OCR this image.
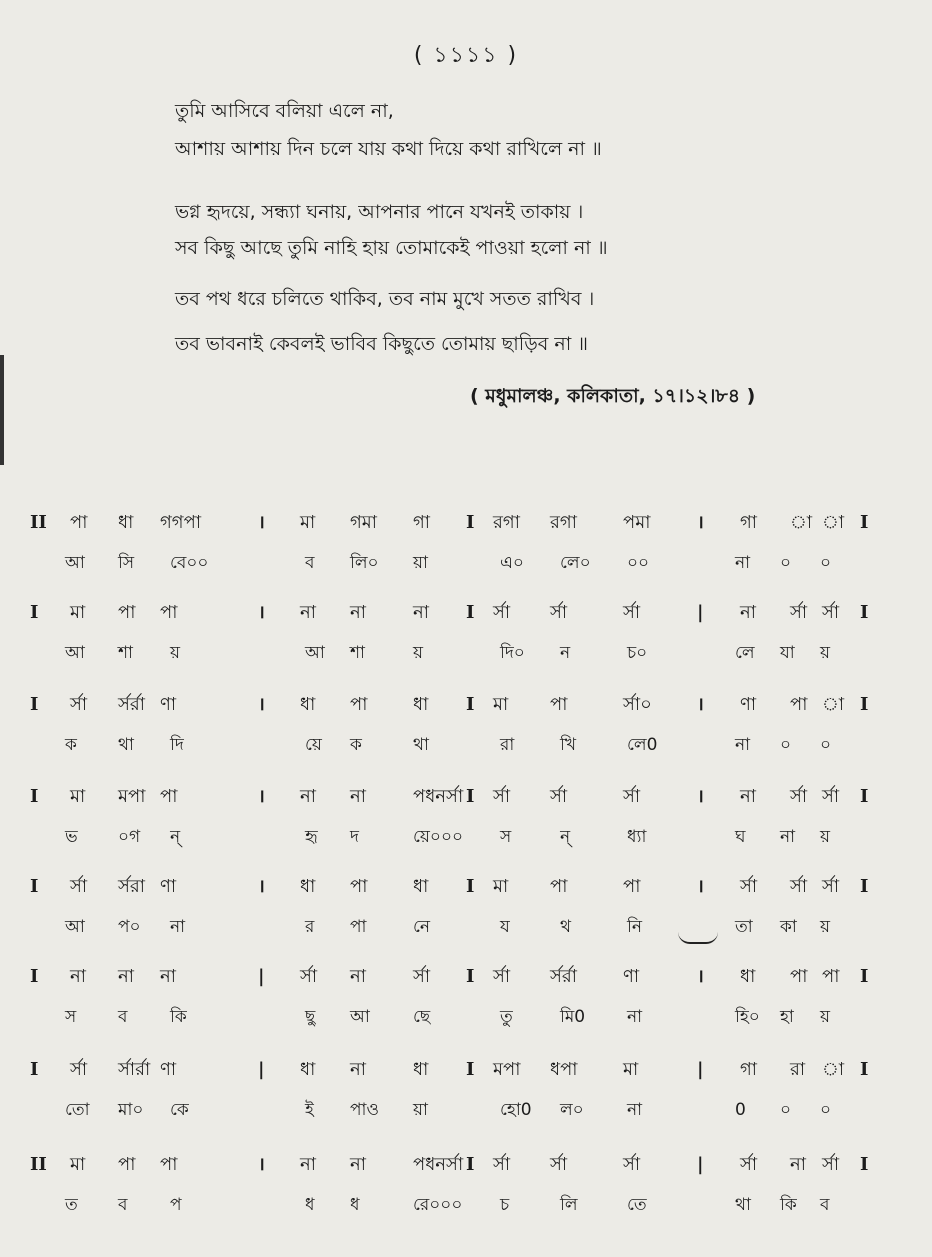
( ১১১১ )
তুমি আসিবে বলিয়া এলে না,
আশায় আশায় দিন চলে যায় কথা দিয়ে কথা রাখিলে না ॥
ভগ্ন হৃদয়ে, সন্ধ্যা ঘনায়, আপনার পানে যখনই তাকায় ।
সব কিছু আছে তুমি নাহি হায় তোমাকেই পাওয়া হলো না ॥
তব পথ ধরে চলিতে থাকিব, তব নাম মুখে সতত রাখিব ।
তব ভাবনাই কেবলই ভাবিব কিছুতে তোমায় ছাড়িব না ॥
( মধুমালঞ্চ, কলিকাতা, ১৭।১২।৮৪ )
II পা ধা গগপা	। মা গমা গা I রগা রগা	পমা	। গা া া I
আ সি বে০০	ব লি০ য়া	এ০ লে০ ০০	না ০ ০
I মা পা পা	। না না	না I র্সা র্সা	র্সা	| না র্সা র্সা I
আ শা য়	আ শা	য়	দি০ ন	চ০	লে যা য়
I র্সা র্সর্রা ণা	। ধা পা	ধা I মা পা	র্সা০	। ণা পা া I
ক থা দি	য়ে ক	থা	রা	খি	লে0	না ০ ০
I মা মপা পা	। না না	পধনর্সা I র্সা র্সা	র্সা	। না র্সা র্সা I
ভ ০গ ন্	হৃ দ	য়ে০০০ স	ন্	ধ্যা	ঘ না য়
I র্সা র্সরা ণা	। ধা পা	ধা I মা পা	পা	। র্সা র্সা র্সা I
আ প০ না	র পা	নে	য	থ	নি	তা কা য়
I না না না	| র্সা না	র্সা I র্সা র্সর্রা	ণা	। ধা পা পা I
স ব	কি	ছু আ	ছে	তু	মি0 না	হি০ হা য়
I র্সা র্সার্রা ণা	| ধা না	ধা I মপা ধপা	মা	| গা রা া I
তো মা০ কে	ই পাও য়া	হো0 ল০	না	0 ০ ০
II মা পা পা	। না না	পধনর্সা I র্সা র্সা	র্সা	| র্সা না র্সা I
ত ব	প	ধ ধ	রে০০০ চ	লি	তে	থা কি ব
